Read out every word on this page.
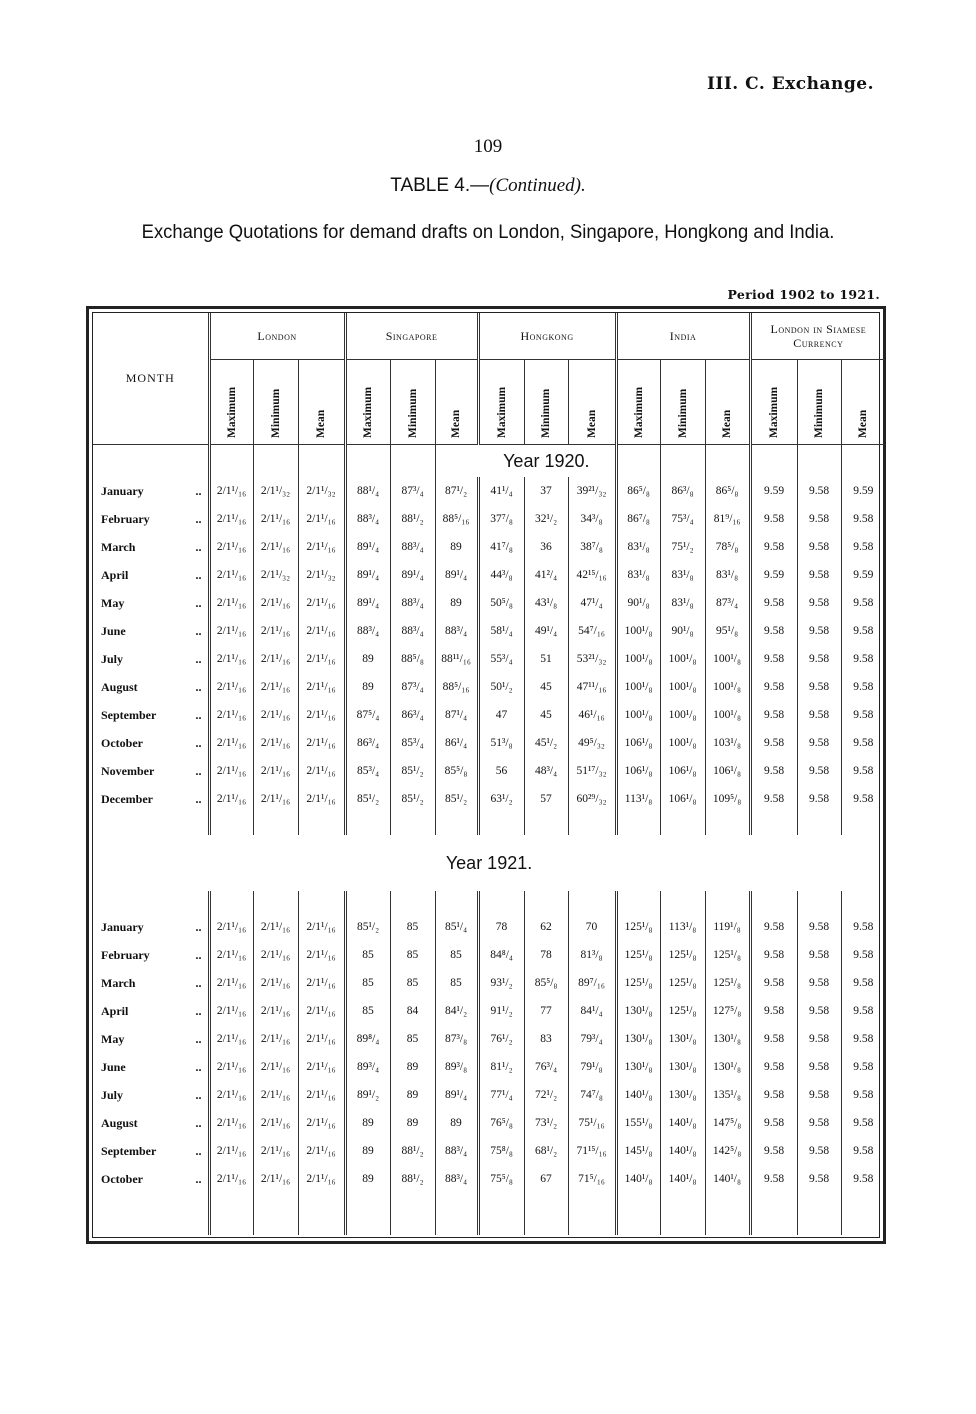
III. C. Exchange.
109
TABLE 4.—(Continued).
Exchange Quotations for demand drafts on London, Singapore, Hongkong and India.
Period 1902 to 1921.
MONTH	London			Singapore			Hongkong			India			London in Siamese Currency		

	Maximum	Minimum	Mean	Maximum	Minimum	Mean	Maximum	Minimum	Mean	Maximum	Minimum	Mean	Maximum	Minimum	Mean

							Year 1920.								
January ..	2/1¹/₁₆	2/1¹/₃₂	2/1¹/₃₂	88¹/₄	87³/₄	87¹/₂	41¹/₄	37	39²¹/₃₂	86⁵/₈	86³/₈	86⁵/₈	9.59	9.58	9.59
February ..	2/1¹/₁₆	2/1¹/₁₆	2/1¹/₁₆	88³/₄	88¹/₂	88⁵/₁₆	37⁷/₈	32¹/₂	34³/₈	86⁷/₈	75³/₄	81⁹/₁₆	9.58	9.58	9.58
March ..	2/1¹/₁₆	2/1¹/₁₆	2/1¹/₁₆	89¹/₄	88³/₄	89	41⁷/₈	36	38⁷/₈	83¹/₈	75¹/₂	78⁵/₈	9.58	9.58	9.58
April ..	2/1¹/₁₆	2/1¹/₃₂	2/1¹/₃₂	89¹/₄	89¹/₄	89¹/₄	44³/₈	41²/₄	42¹⁵/₁₆	83¹/₈	83¹/₈	83¹/₈	9.59	9.58	9.59
May ..	2/1¹/₁₆	2/1¹/₁₆	2/1¹/₁₆	89¹/₄	88³/₄	89	50⁵/₈	43¹/₈	47¹/₄	90¹/₈	83¹/₈	87³/₄	9.58	9.58	9.58
June ..	2/1¹/₁₆	2/1¹/₁₆	2/1¹/₁₆	88³/₄	88³/₄	88³/₄	58¹/₄	49¹/₄	54⁷/₁₆	100¹/₈	90¹/₈	95¹/₈	9.58	9.58	9.58
July ..	2/1¹/₁₆	2/1¹/₁₆	2/1¹/₁₆	89	88⁵/₈	88¹¹/₁₆	55³/₄	51	53²¹/₃₂	100¹/₈	100¹/₈	100¹/₈	9.58	9.58	9.58
August ..	2/1¹/₁₆	2/1¹/₁₆	2/1¹/₁₆	89	87³/₄	88⁵/₁₆	50¹/₂	45	47¹¹/₁₆	100¹/₈	100¹/₈	100¹/₈	9.58	9.58	9.58
September ..	2/1¹/₁₆	2/1¹/₁₆	2/1¹/₁₆	87⁵/₄	86³/₄	87¹/₄	47	45	46¹/₁₆	100¹/₈	100¹/₈	100¹/₈	9.58	9.58	9.58
October ..	2/1¹/₁₆	2/1¹/₁₆	2/1¹/₁₆	86³/₄	85³/₄	86¹/₄	51³/₈	45¹/₂	49⁵/₃₂	106¹/₈	100¹/₈	103¹/₈	9.58	9.58	9.58
November ..	2/1¹/₁₆	2/1¹/₁₆	2/1¹/₁₆	85³/₄	85¹/₂	85⁵/₈	56	48³/₄	51¹⁷/₃₂	106¹/₈	106¹/₈	106¹/₈	9.58	9.58	9.58
December ..	2/1¹/₁₆	2/1¹/₁₆	2/1¹/₁₆	85¹/₂	85¹/₂	85¹/₂	63¹/₂	57	60²⁹/₃₂	113¹/₈	106¹/₈	109⁵/₈	9.58	9.58	9.58

Year 1921.															

January ..	2/1¹/₁₆	2/1¹/₁₆	2/1¹/₁₆	85¹/₂	85	85¹/₄	78	62	70	125¹/₈	113¹/₈	119¹/₈	9.58	9.58	9.58
February ..	2/1¹/₁₆	2/1¹/₁₆	2/1¹/₁₆	85	85	85	84⁸/₄	78	81³/₈	125¹/₈	125¹/₈	125¹/₈	9.58	9.58	9.58
March ..	2/1¹/₁₆	2/1¹/₁₆	2/1¹/₁₆	85	85	85	93¹/₂	85⁵/₈	89⁷/₁₆	125¹/₈	125¹/₈	125¹/₈	9.58	9.58	9.58
April ..	2/1¹/₁₆	2/1¹/₁₆	2/1¹/₁₆	85	84	84¹/₂	91¹/₂	77	84¹/₄	130¹/₈	125¹/₈	127⁵/₈	9.58	9.58	9.58
May ..	2/1¹/₁₆	2/1¹/₁₆	2/1¹/₁₆	89⁸/₄	85	87³/₈	76¹/₂	83	79³/₄	130¹/₈	130¹/₈	130¹/₈	9.58	9.58	9.58
June ..	2/1¹/₁₆	2/1¹/₁₆	2/1¹/₁₆	89³/₄	89	89³/₈	81¹/₂	76³/₄	79¹/₈	130¹/₈	130¹/₈	130¹/₈	9.58	9.58	9.58
July ..	2/1¹/₁₆	2/1¹/₁₆	2/1¹/₁₆	89¹/₂	89	89¹/₄	77¹/₄	72¹/₂	74⁷/₈	140¹/₈	130¹/₈	135¹/₈	9.58	9.58	9.58
August ..	2/1¹/₁₆	2/1¹/₁₆	2/1¹/₁₆	89	89	89	76⁵/₈	73¹/₂	75¹/₁₆	155¹/₈	140¹/₈	147⁵/₈	9.58	9.58	9.58
September ..	2/1¹/₁₆	2/1¹/₁₆	2/1¹/₁₆	89	88¹/₂	88³/₄	75⁸/₈	68¹/₂	71¹⁵/₁₆	145¹/₈	140¹/₈	142⁵/₈	9.58	9.58	9.58
October ..	2/1¹/₁₆	2/1¹/₁₆	2/1¹/₁₆	89	88¹/₂	88³/₄	75⁵/₈	67	71⁵/₁₆	140¹/₈	140¹/₈	140¹/₈	9.58	9.58	9.58
